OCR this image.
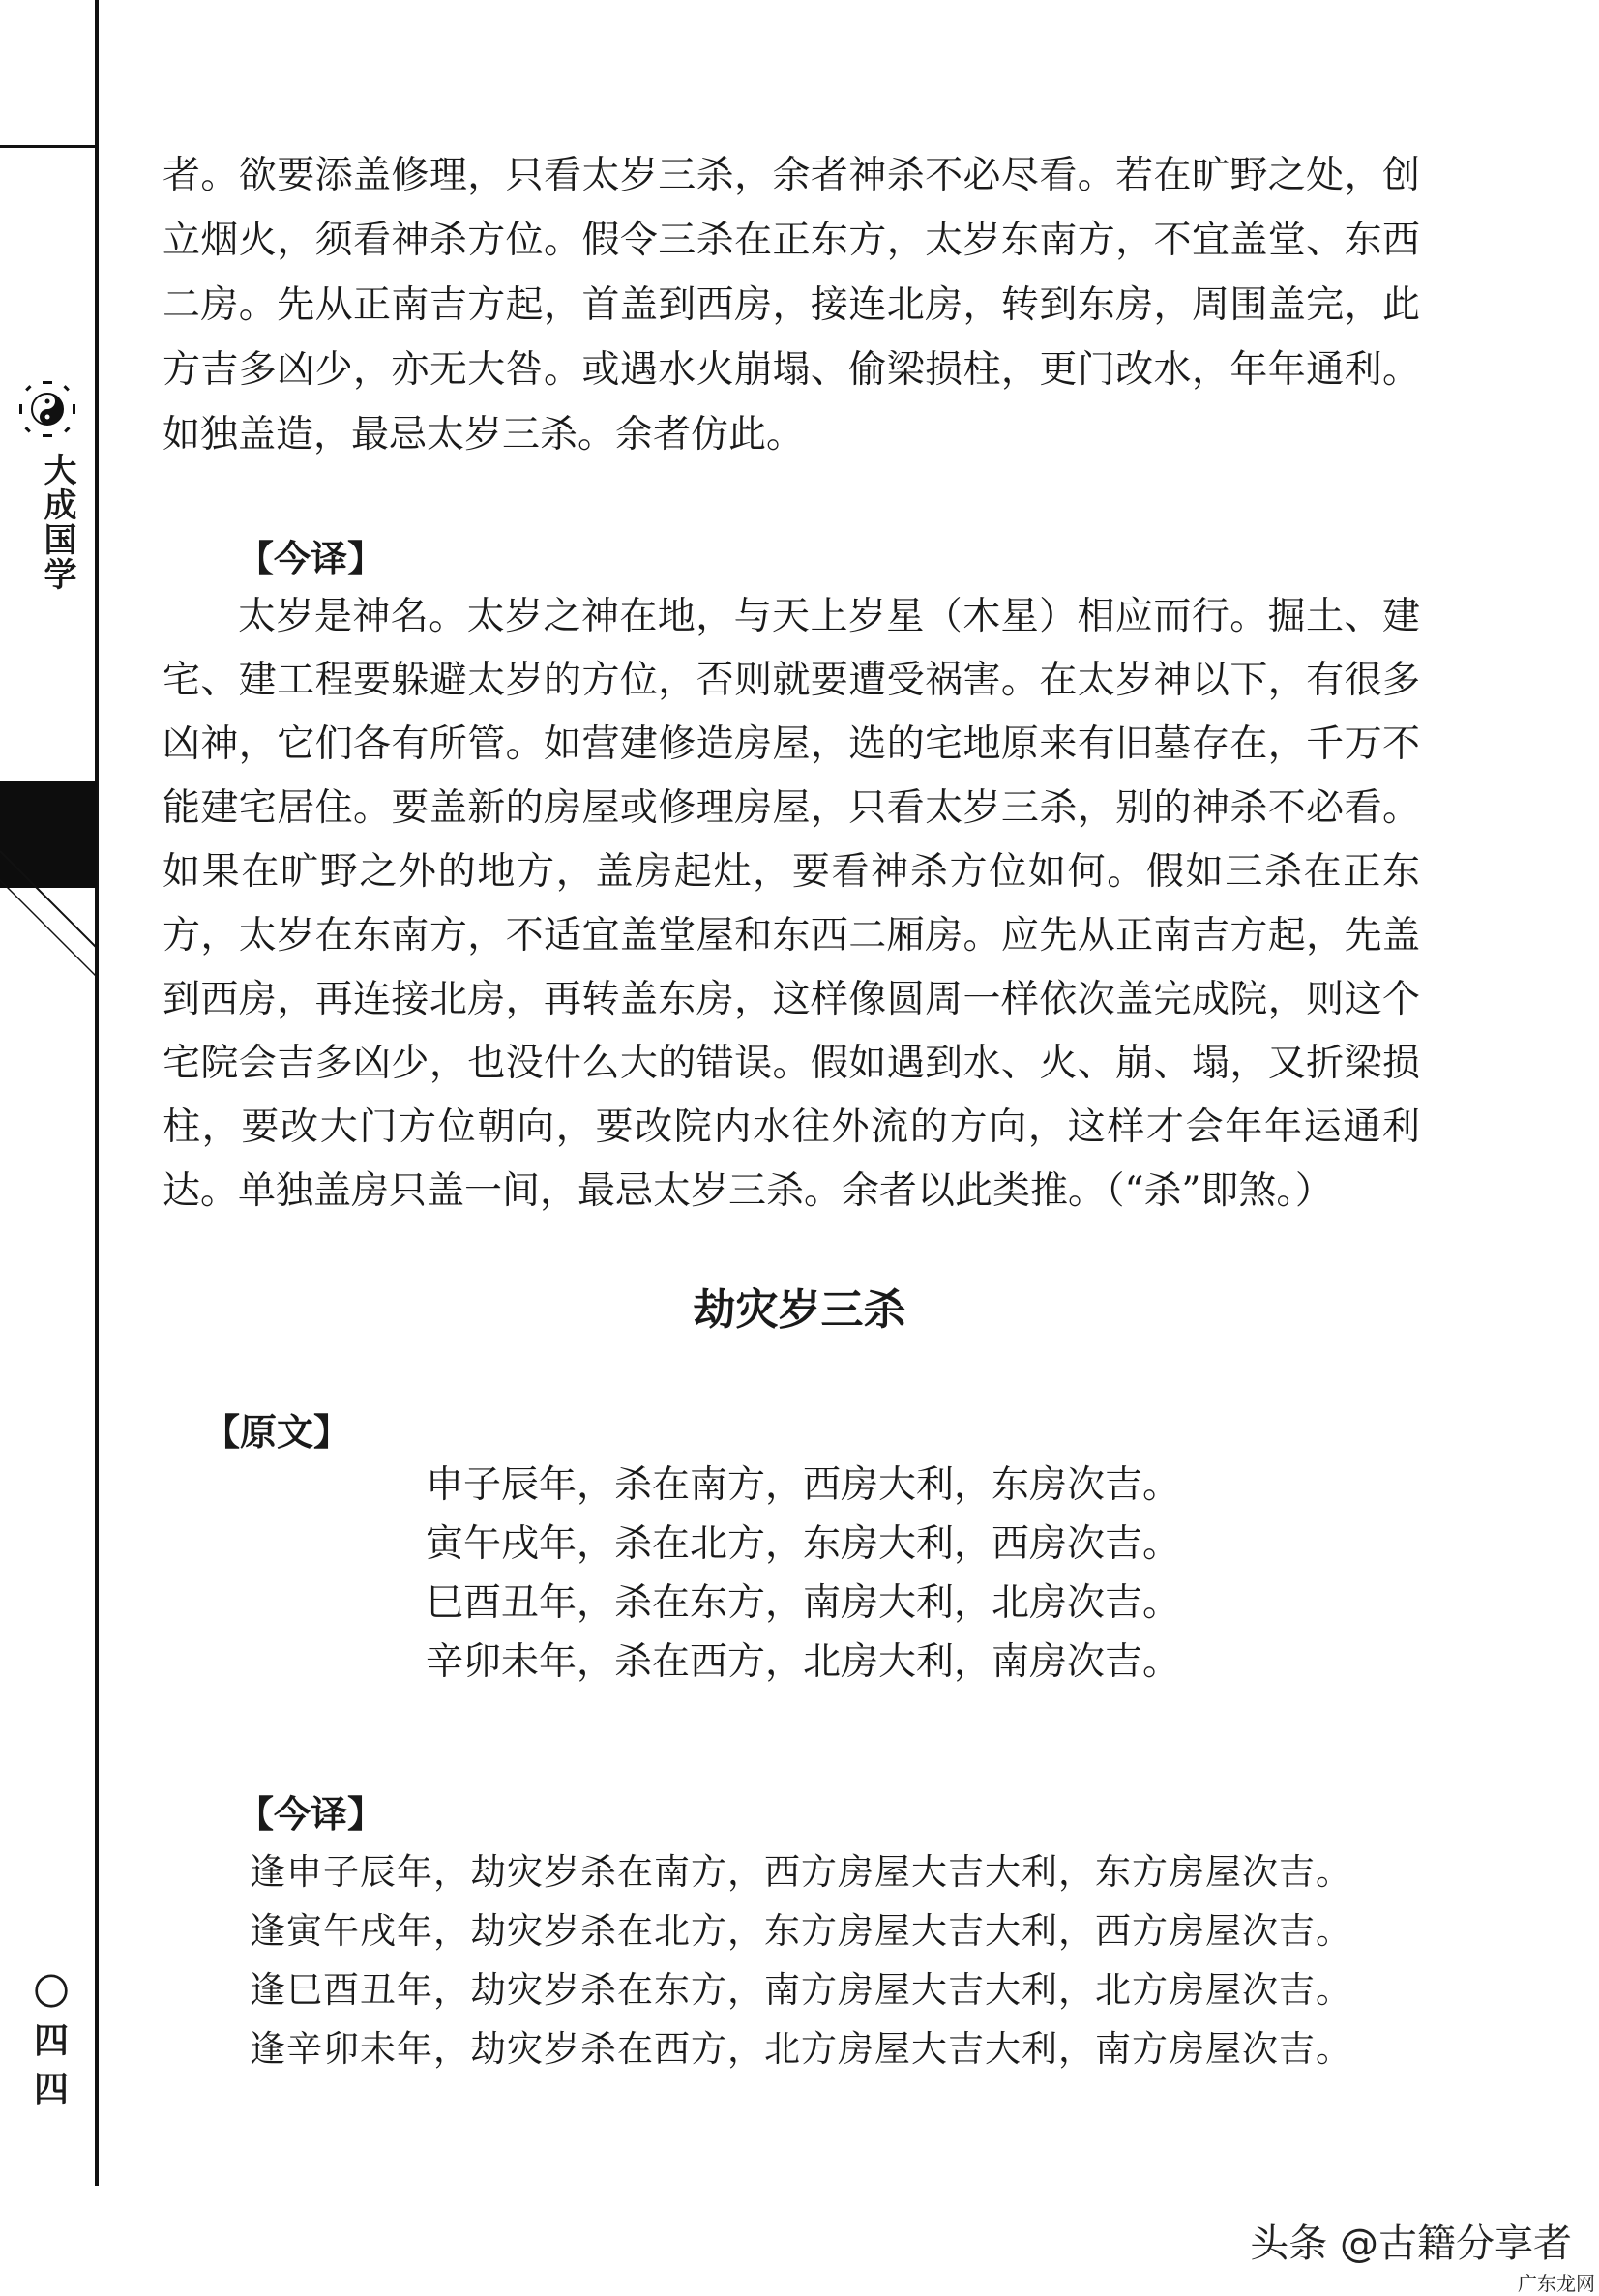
大成国学
〇
四
四

者。欲要添盖修理，只看太岁三杀，余者神杀不必尽看。若在旷野之处，创立烟火，须看神杀方位。假令三杀在正东方，太岁东南方，不宜盖堂、东西二房。先从正南吉方起，首盖到西房，接连北房，转到东房，周围盖完，此方吉多凶少，亦无大咎。或遇水火崩塌、偷梁损柱，更门改水，年年通利。如独盖造，最忌太岁三杀。余者仿此。

【今译】

太岁是神名。太岁之神在地，与天上岁星（木星）相应而行。掘土、建宅、建工程要躲避太岁的方位，否则就要遭受祸害。在太岁神以下，有很多凶神，它们各有所管。如营建修造房屋，选的宅地原来有旧墓存在，千万不能建宅居住。要盖新的房屋或修理房屋，只看太岁三杀，别的神杀不必看。如果在旷野之外的地方，盖房起灶，要看神杀方位如何。假如三杀在正东方，太岁在东南方，不适宜盖堂屋和东西二厢房。应先从正南吉方起，先盖到西房，再连接北房，再转盖东房，这样像圆周一样依次盖完成院，则这个宅院会吉多凶少，也没什么大的错误。假如遇到水、火、崩、塌，又折梁损柱，要改大门方位朝向，要改院内水往外流的方向，这样才会年年运通利达。单独盖房只盖一间，最忌太岁三杀。余者以此类推。（“杀”即煞。）

劫灾岁三杀

【原文】

申子辰年，杀在南方，西房大利，东房次吉。
寅午戌年，杀在北方，东房大利，西房次吉。
巳酉丑年，杀在东方，南房大利，北房次吉。
辛卯未年，杀在西方，北房大利，南房次吉。

【今译】

逢申子辰年，劫灾岁杀在南方，西方房屋大吉大利，东方房屋次吉。
逢寅午戌年，劫灾岁杀在北方，东方房屋大吉大利，西方房屋次吉。
逢巳酉丑年，劫灾岁杀在东方，南方房屋大吉大利，北方房屋次吉。
逢辛卯未年，劫灾岁杀在西方，北方房屋大吉大利，南方房屋次吉。
头条 @古籍分享者
广东龙网
